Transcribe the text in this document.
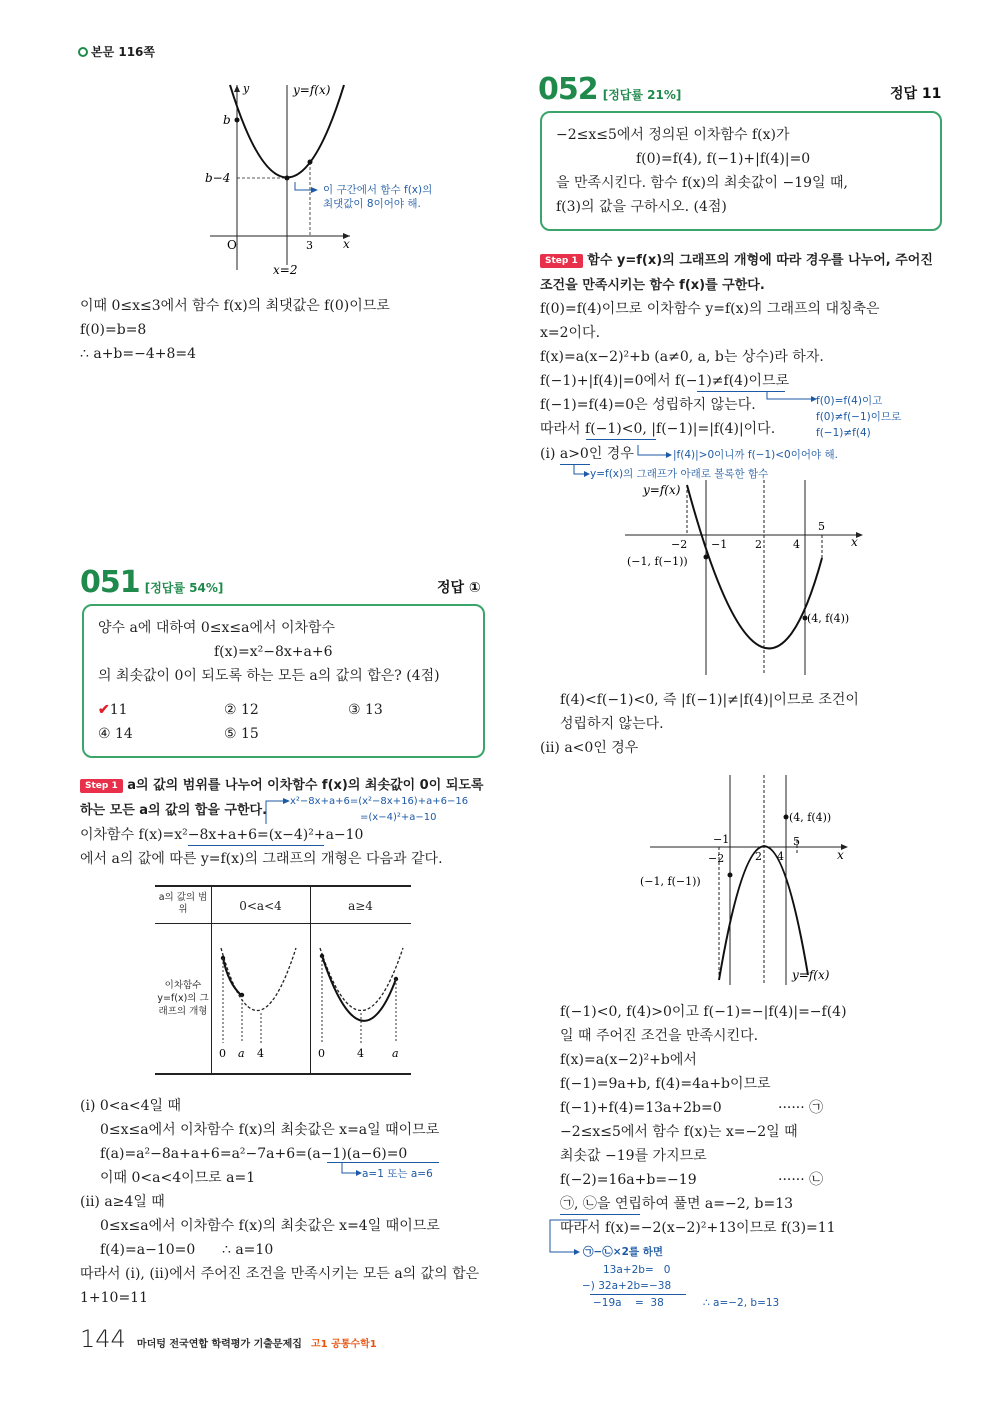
본문 116쪽
y	y=f(x)
b
b−4
O	3	x
x=2
이 구간에서 함수 f(x)의
최댓값이 8이어야 해.
이때 0≤x≤3에서 함수 f(x)의 최댓값은 f(0)이므로
f(0)=b=8
∴ a+b=−4+8=4
051 [정답률 54%]	정답 ①
양수 a에 대하여 0≤x≤a에서 이차함수
f(x)=x²−8x+a+6
의 최솟값이 0이 되도록 하는 모든 a의 값의 합은? (4점)
✔11	② 12	③ 13
④ 14	⑤ 15
Step 1 a의 값의 범위를 나누어 이차함수 f(x)의 최솟값이 0이 되도록
하는 모든 a의 값의 합을 구한다.
x²−8x+a+6=(x²−8x+16)+a+6−16
=(x−4)²+a−10
이차함수 f(x)=x²−8x+a+6=(x−4)²+a−10
에서 a의 값에 따른 y=f(x)의 그래프의 개형은 다음과 같다.
a의 값의 범위	0<a<4	a≥4
이차함수 y=f(x)의 그래프의 개형
0 a 4	0	4	a
(i) 0<a<4일 때
0≤x≤a에서 이차함수 f(x)의 최솟값은 x=a일 때이므로
f(a)=a²−8a+a+6=a²−7a+6=(a−1)(a−6)=0
이때 0<a<4이므로 a=1	a=1 또는 a=6
(ii) a≥4일 때
0≤x≤a에서 이차함수 f(x)의 최솟값은 x=4일 때이므로
f(4)=a−10=0      ∴ a=10
따라서 (i), (ii)에서 주어진 조건을 만족시키는 모든 a의 값의 합은
1+10=11
144 마더텅 전국연합 학력평가 기출문제집 고1 공통수학1
052 [정답률 21%]	정답 11
−2≤x≤5에서 정의된 이차함수 f(x)가
f(0)=f(4), f(−1)+|f(4)|=0
을 만족시킨다. 함수 f(x)의 최솟값이 −19일 때,
f(3)의 값을 구하시오. (4점)
Step 1 함수 y=f(x)의 그래프의 개형에 따라 경우를 나누어, 주어진
조건을 만족시키는 함수 f(x)를 구한다.
f(0)=f(4)이므로 이차함수 y=f(x)의 그래프의 대칭축은
x=2이다.
f(x)=a(x−2)²+b (a≠0, a, b는 상수)라 하자.
f(−1)+|f(4)|=0에서 f(−1)≠f(4)이므로
f(−1)=f(4)=0은 성립하지 않는다.
따라서 f(−1)<0, |f(−1)|=|f(4)|이다.
f(0)=f(4)이고
f(0)≠f(−1)이므로
f(−1)≠f(4)
(i) a>0인 경우	|f(4)|>0이니까 f(−1)<0이어야 해.
y=f(x)의 그래프가 아래로 볼록한 함수
y=f(x)
−2 −1	2	4
5
x
(−1, f(−1))
(4, f(4))
f(4)<f(−1)<0, 즉 |f(−1)|≠|f(4)|이므로 조건이
성립하지 않는다.
(ii) a<0인 경우
−2
−1
2 4
5
x
(−1, f(−1))
(4, f(4))
y=f(x)
f(−1)<0, f(4)>0이고 f(−1)=−|f(4)|=−f(4)
일 때 주어진 조건을 만족시킨다.
f(x)=a(x−2)²+b에서
f(−1)=9a+b, f(4)=4a+b이므로
f(−1)+f(4)=13a+2b=0	······ ㉠
−2≤x≤5에서 함수 f(x)는 x=−2일 때
최솟값 −19를 가지므로
f(−2)=16a+b=−19	······ ㉡
㉠, ㉡을 연립하여 풀면 a=−2, b=13
따라서 f(x)=−2(x−2)²+13이므로 f(3)=11
㉠−㉡×2를 하면
13a+2b=   0
−) 32a+2b=−38
−19a    =  38	∴ a=−2, b=13
